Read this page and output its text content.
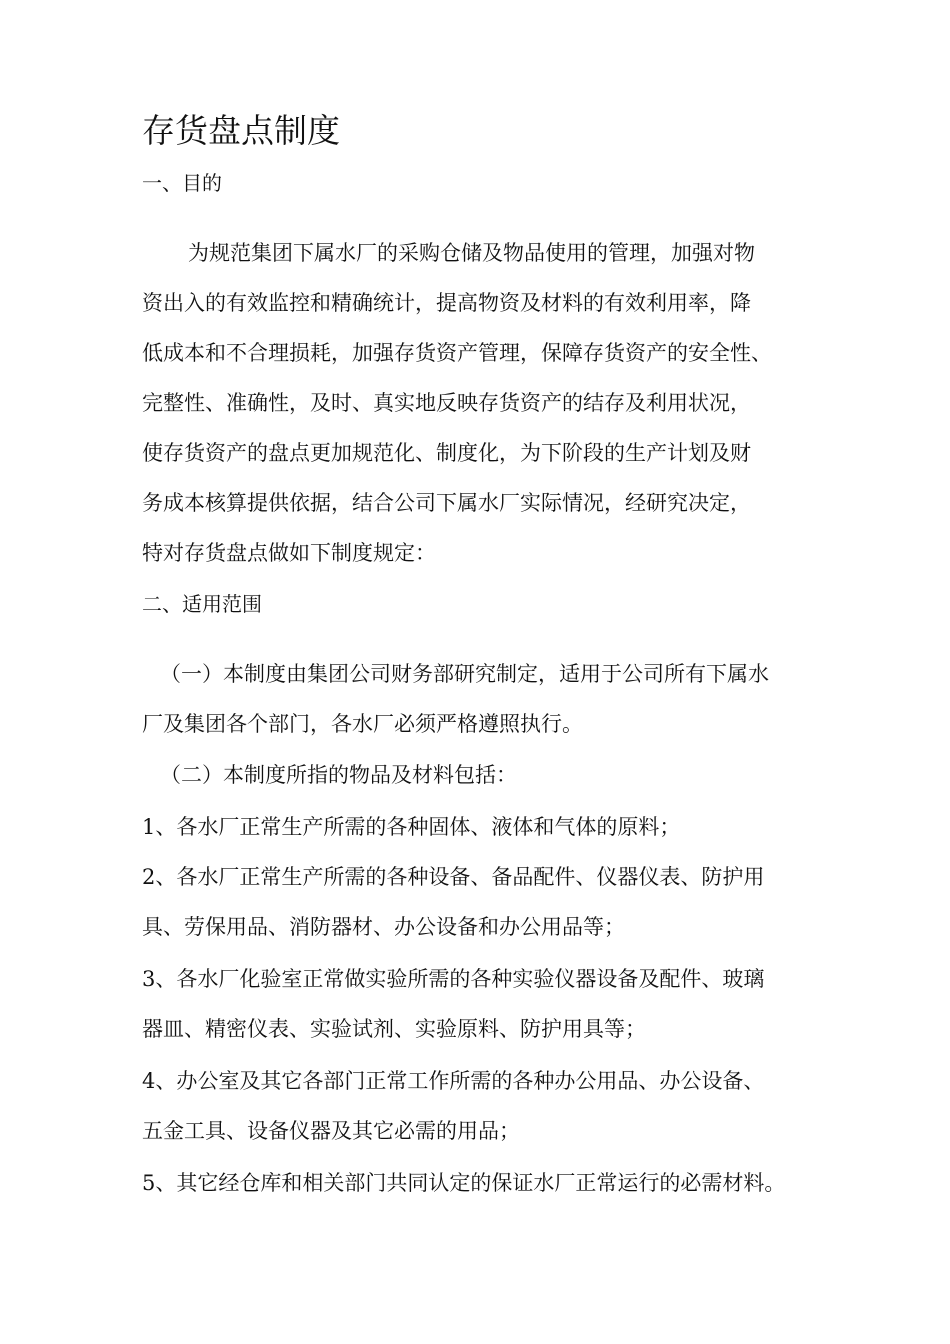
存货盘点制度
一、目的
为规范集团下属水厂的采购仓储及物品使用的管理，加强对物
资出入的有效监控和精确统计，提高物资及材料的有效利用率，降
低成本和不合理损耗，加强存货资产管理，保障存货资产的安全性、
完整性、准确性，及时、真实地反映存货资产的结存及利用状况，
使存货资产的盘点更加规范化、制度化，为下阶段的生产计划及财
务成本核算提供依据，结合公司下属水厂实际情况，经研究决定，
特对存货盘点做如下制度规定：
二、适用范围
（一）本制度由集团公司财务部研究制定，适用于公司所有下属水
厂及集团各个部门，各水厂必须严格遵照执行。
（二）本制度所指的物品及材料包括：
1、各水厂正常生产所需的各种固体、液体和气体的原料；
2、各水厂正常生产所需的各种设备、备品配件、仪器仪表、防护用
具、劳保用品、消防器材、办公设备和办公用品等；
3、各水厂化验室正常做实验所需的各种实验仪器设备及配件、玻璃
器皿、精密仪表、实验试剂、实验原料、防护用具等；
4、办公室及其它各部门正常工作所需的各种办公用品、办公设备、
五金工具、设备仪器及其它必需的用品；
5、其它经仓库和相关部门共同认定的保证水厂正常运行的必需材料。
